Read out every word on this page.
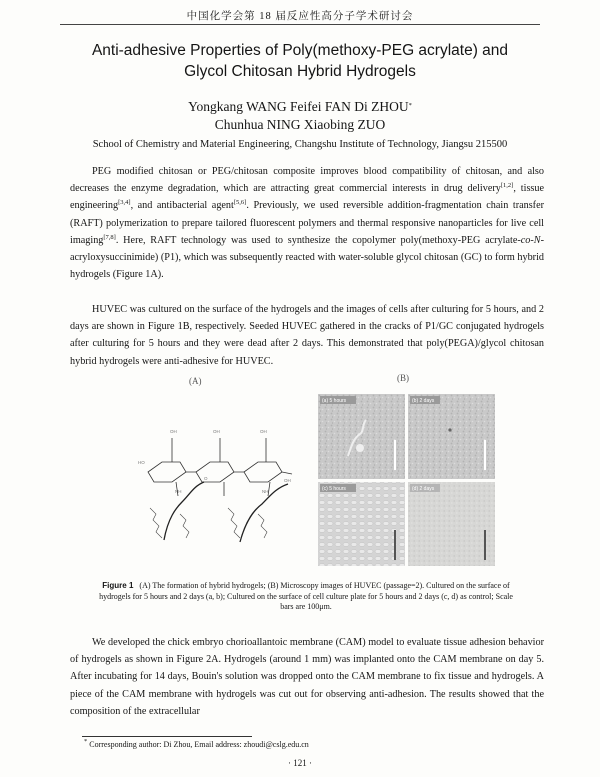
中国化学会第 18 届反应性高分子学术研讨会
Anti-adhesive Properties of Poly(methoxy-PEG acrylate) and
Glycol Chitosan Hybrid Hydrogels
Yongkang WANG Feifei FAN Di ZHOU*
Chunhua NING Xiaobing ZUO
School of Chemistry and Material Engineering, Changshu Institute of Technology, Jiangsu 215500

PEG modified chitosan or PEG/chitosan composite improves blood compatibility of chitosan, and also decreases the enzyme degradation, which are attracting great commercial interests in drug delivery[1,2], tissue engineering[3,4], and antibacterial agent[5,6]. Previously, we used reversible addition-fragmentation chain transfer (RAFT) polymerization to prepare tailored fluorescent polymers and thermal responsive nanoparticles for live cell imaging[7,8]. Here, RAFT technology was used to synthesize the copolymer poly(methoxy-PEG acrylate-co-N-acryloxysuccinimide) (P1), which was subsequently reacted with water-soluble glycol chitosan (GC) to form hybrid hydrogels (Figure 1A).

HUVEC was cultured on the surface of the hydrogels and the images of cells after culturing for 5 hours, and 2 days are shown in Figure 1B, respectively. Seeded HUVEC gathered in the cracks of P1/GC conjugated hydrogels after culturing for 5 hours and they were dead after 2 days. This demonstrated that poly(PEGA)/glycol chitosan hybrid hydrogels were anti-adhesive for HUVEC.

(A)	(B)
OH	OH	OH
HO
OH
NH	NH
O
(a) 5 hours	(b) 2 days
(c) 5 hours	(d) 2 days

Figure 1 (A) The formation of hybrid hydrogels; (B) Microscopy images of HUVEC (passage=2). Cultured on the surface of hydrogels for 5 hours and 2 days (a, b); Cultured on the surface of cell culture plate for 5 hours and 2 days (c, d) as control; Scale bars are 100μm.

We developed the chick embryo chorioallantoic membrane (CAM) model to evaluate tissue adhesion behavior of hydrogels as shown in Figure 2A. Hydrogels (around 1 mm) was implanted onto the CAM membrane on day 5. After incubating for 14 days, Bouin's solution was dropped onto the CAM membrane to fix tissue and hydrogels. A piece of the CAM membrane with hydrogels was cut out for observing anti-adhesion. The results showed that the composition of the extracellular

* Corresponding author: Di Zhou, Email address: zhoudi@cslg.edu.cn
· 121 ·
